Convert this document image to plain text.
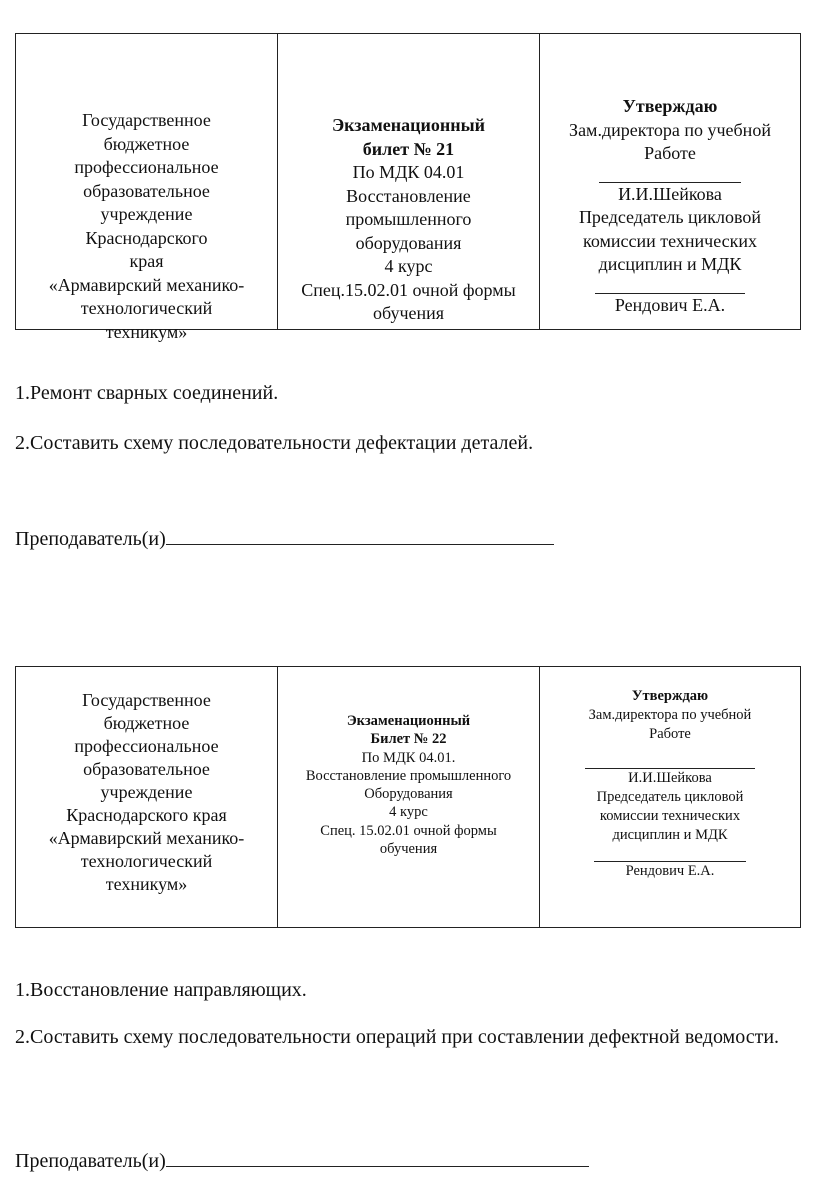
Государственное
бюджетное
профессиональное
образовательное
учреждение
Краснодарского
края
«Армавирский механико-
технологический
техникум»
Экзаменационный
билет № 21
По МДК 04.01
Восстановление
промышленного
оборудования
4 курс
Спец.15.02.01 очной формы
обучения
Утверждаю
Зам.директора по учебной
Работе
И.И.Шейкова
Председатель цикловой
комиссии технических
дисциплин и МДК
Рендович Е.А.
1.Ремонт сварных соединений.
2.Составить схему последовательности дефектации деталей.
Преподаватель(и)
Государственное
бюджетное
профессиональное
образовательное
учреждение
Краснодарского края
«Армавирский механико-
технологический
техникум»
Экзаменационный
Билет № 22
По МДК 04.01.
Восстановление промышленного
Оборудования
4 курс
Спец. 15.02.01 очной формы
обучения
Утверждаю
Зам.директора по учебной
Работе
И.И.Шейкова
Председатель цикловой
комиссии технических
дисциплин и МДК
Рендович Е.А.
1.Восстановление направляющих.
2.Составить схему последовательности операций при составлении дефектной ведомости.
Преподаватель(и)
